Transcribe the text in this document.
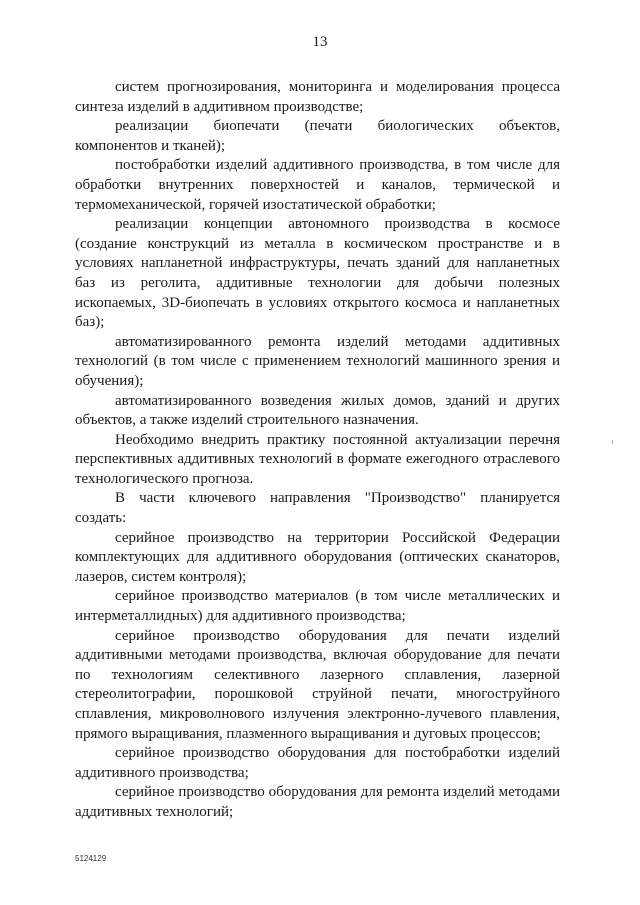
13

систем прогнозирования, мониторинга и моделирования процесса синтеза изделий в аддитивном производстве;

реализации биопечати (печати биологических объектов, компонентов и тканей);

постобработки изделий аддитивного производства, в том числе для обработки внутренних поверхностей и каналов, термической и термомеханической, горячей изостатической обработки;

реализации концепции автономного производства в космосе (создание конструкций из металла в космическом пространстве и в условиях напланетной инфраструктуры, печать зданий для напланетных баз из реголита, аддитивные технологии для добычи полезных ископаемых, 3D-биопечать в условиях открытого космоса и напланетных баз);

автоматизированного ремонта изделий методами аддитивных технологий (в том числе с применением технологий машинного зрения и обучения);

автоматизированного возведения жилых домов, зданий и других объектов, а также изделий строительного назначения.

Необходимо внедрить практику постоянной актуализации перечня перспективных аддитивных технологий в формате ежегодного отраслевого технологического прогноза.

В части ключевого направления "Производство" планируется создать:

серийное производство на территории Российской Федерации комплектующих для аддитивного оборудования (оптических сканаторов, лазеров, систем контроля);

серийное производство материалов (в том числе металлических и интерметаллидных) для аддитивного производства;

серийное производство оборудования для печати изделий аддитивными методами производства, включая оборудование для печати по технологиям селективного лазерного сплавления, лазерной стереолитографии, порошковой струйной печати, многоструйного сплавления, микроволнового излучения электронно-лучевого плавления, прямого выращивания, плазменного выращивания и дуговых процессов;

серийное производство оборудования для постобработки изделий аддитивного производства;

серийное производство оборудования для ремонта изделий методами аддитивных технологий;

5124129
